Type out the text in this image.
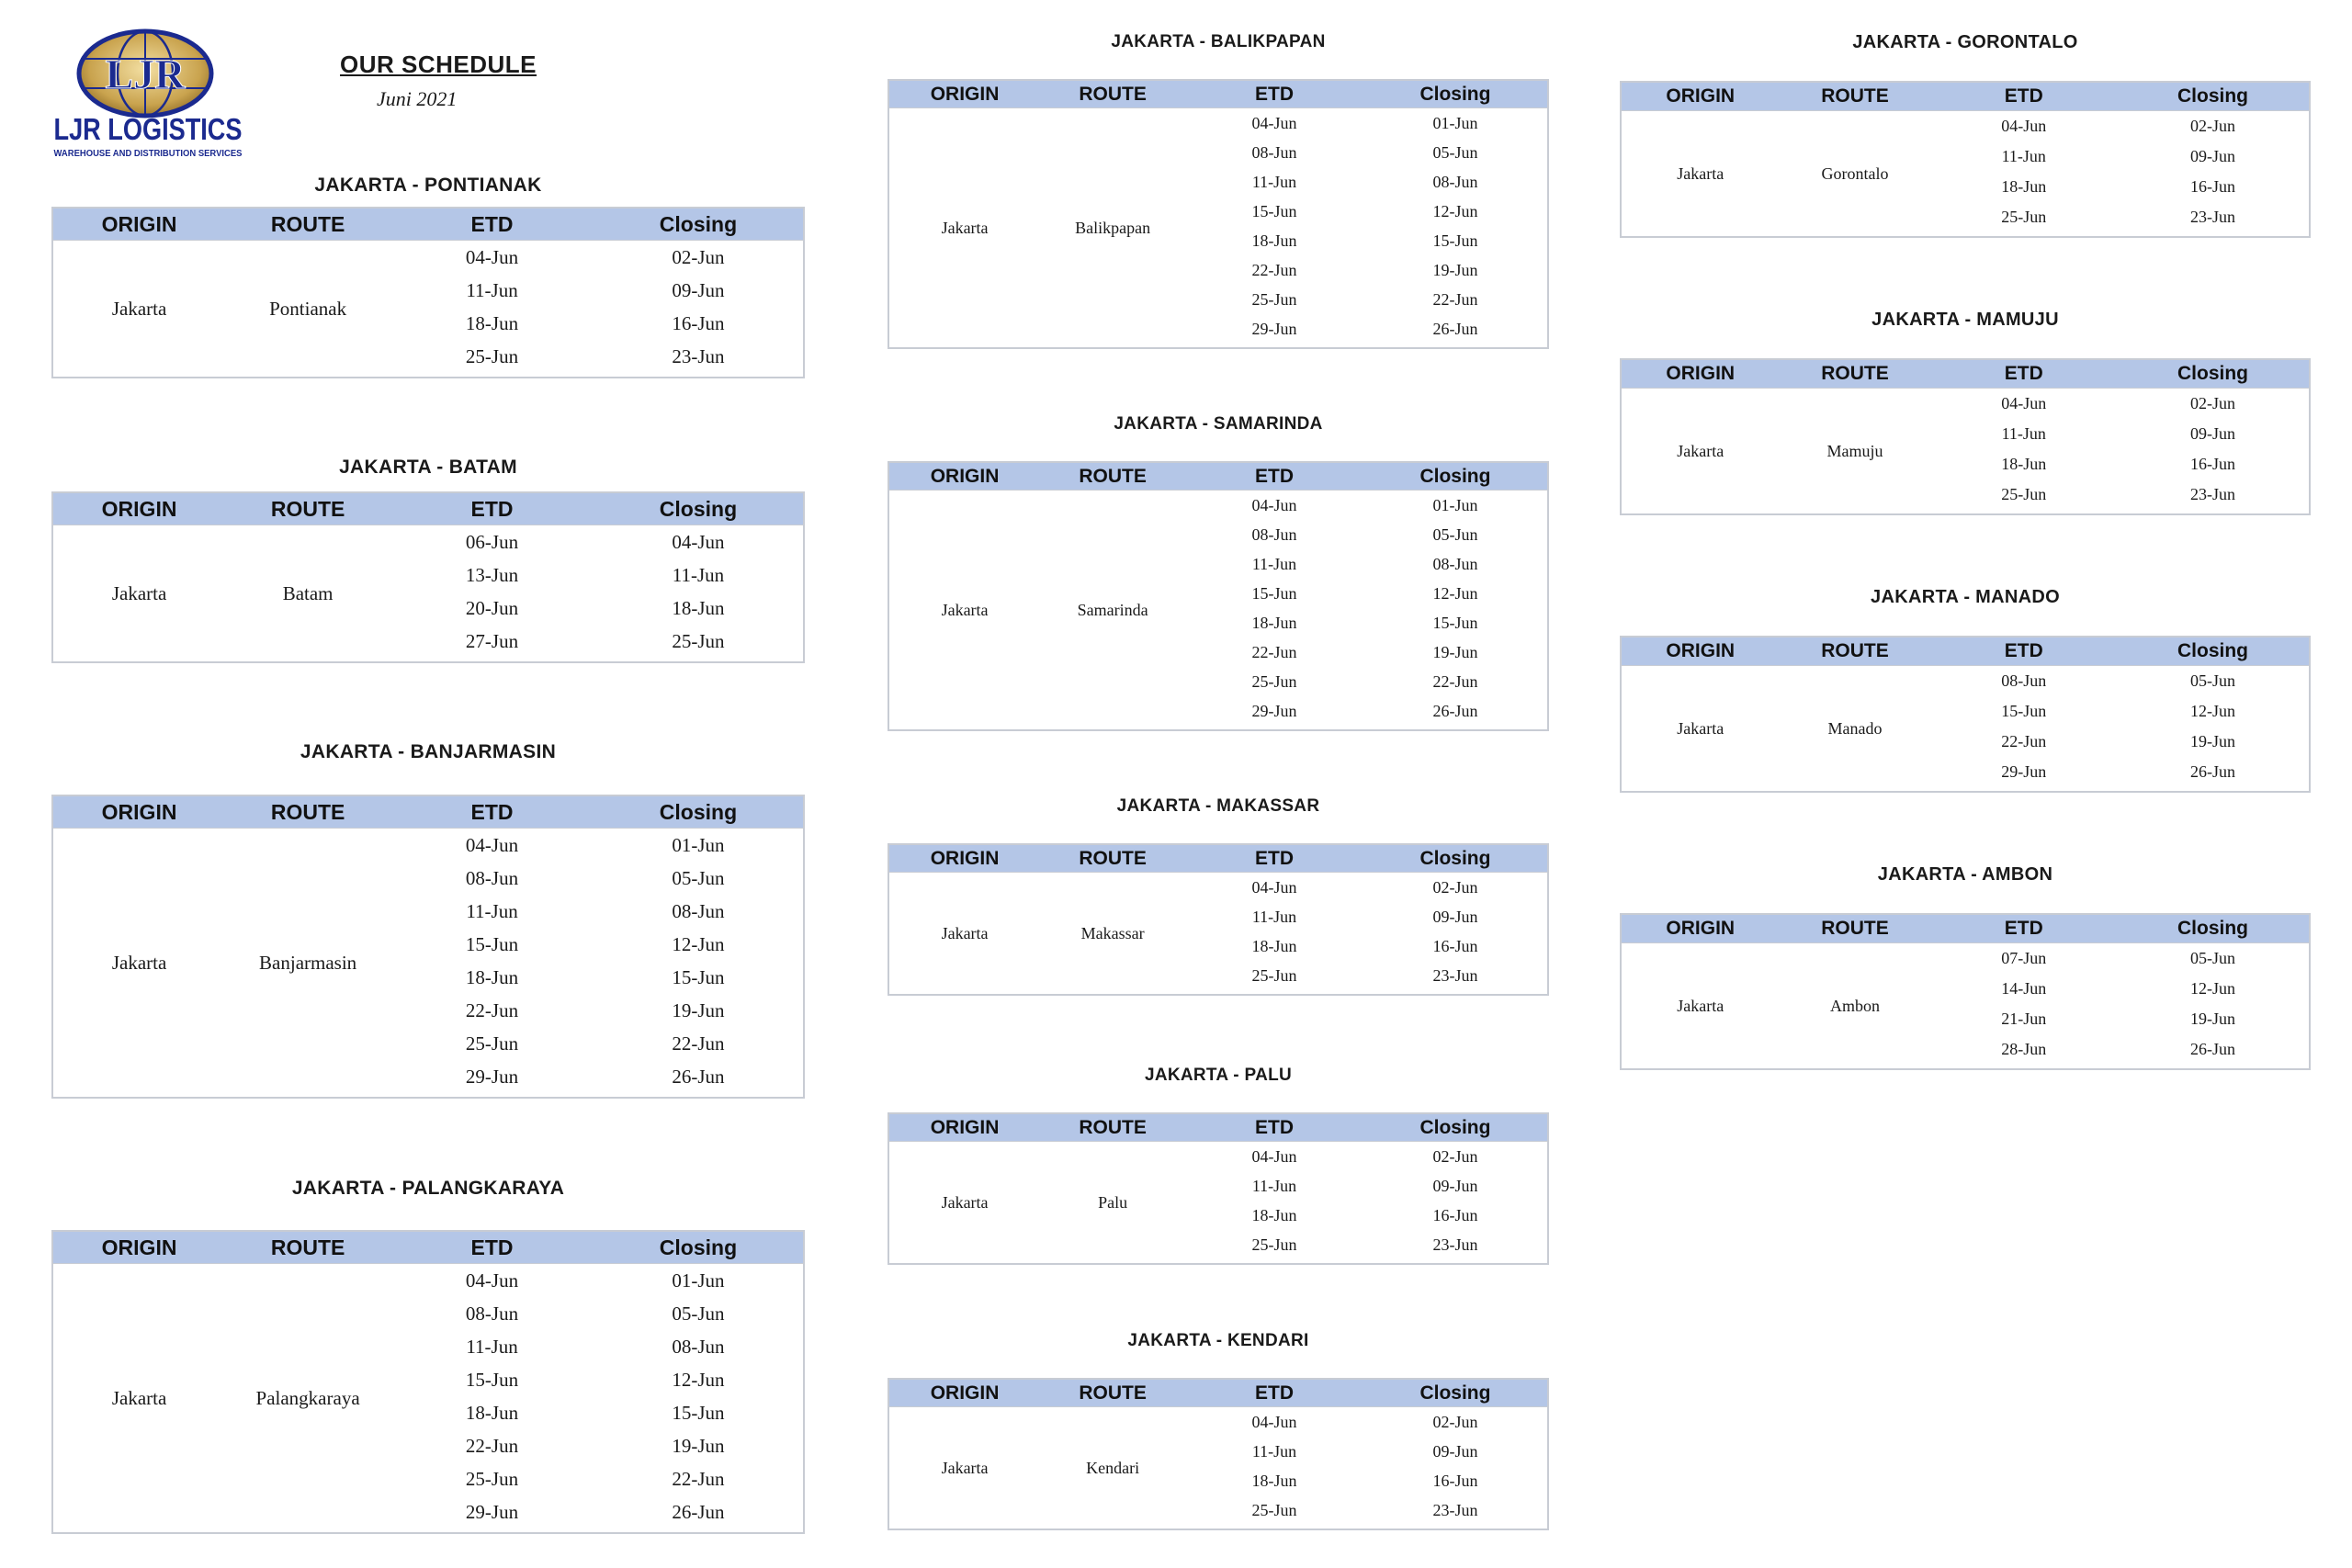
LJR
LJR LOGISTICS
WAREHOUSE AND DISTRIBUTION SERVICES
OUR SCHEDULE
Juni 2021
JAKARTA - PONTIANAK
ORIGIN	ROUTE	ETD	Closing
Jakarta	Pontianak	04-Jun	02-Jun
		11-Jun	09-Jun
		18-Jun	16-Jun
		25-Jun	23-Jun
JAKARTA - BATAM
ORIGIN	ROUTE	ETD	Closing
Jakarta	Batam	06-Jun	04-Jun
		13-Jun	11-Jun
		20-Jun	18-Jun
		27-Jun	25-Jun
JAKARTA - BANJARMASIN
ORIGIN	ROUTE	ETD	Closing
Jakarta	Banjarmasin	04-Jun	01-Jun
		08-Jun	05-Jun
		11-Jun	08-Jun
		15-Jun	12-Jun
		18-Jun	15-Jun
		22-Jun	19-Jun
		25-Jun	22-Jun
		29-Jun	26-Jun
JAKARTA - PALANGKARAYA
ORIGIN	ROUTE	ETD	Closing
Jakarta	Palangkaraya	04-Jun	01-Jun
		08-Jun	05-Jun
		11-Jun	08-Jun
		15-Jun	12-Jun
		18-Jun	15-Jun
		22-Jun	19-Jun
		25-Jun	22-Jun
		29-Jun	26-Jun
JAKARTA - BALIKPAPAN
ORIGIN	ROUTE	ETD	Closing
Jakarta	Balikpapan	04-Jun	01-Jun
		08-Jun	05-Jun
		11-Jun	08-Jun
		15-Jun	12-Jun
		18-Jun	15-Jun
		22-Jun	19-Jun
		25-Jun	22-Jun
		29-Jun	26-Jun
JAKARTA - SAMARINDA
ORIGIN	ROUTE	ETD	Closing
Jakarta	Samarinda	04-Jun	01-Jun
		08-Jun	05-Jun
		11-Jun	08-Jun
		15-Jun	12-Jun
		18-Jun	15-Jun
		22-Jun	19-Jun
		25-Jun	22-Jun
		29-Jun	26-Jun
JAKARTA - MAKASSAR
ORIGIN	ROUTE	ETD	Closing
Jakarta	Makassar	04-Jun	02-Jun
		11-Jun	09-Jun
		18-Jun	16-Jun
		25-Jun	23-Jun
JAKARTA - PALU
ORIGIN	ROUTE	ETD	Closing
Jakarta	Palu	04-Jun	02-Jun
		11-Jun	09-Jun
		18-Jun	16-Jun
		25-Jun	23-Jun
JAKARTA - KENDARI
ORIGIN	ROUTE	ETD	Closing
Jakarta	Kendari	04-Jun	02-Jun
		11-Jun	09-Jun
		18-Jun	16-Jun
		25-Jun	23-Jun
JAKARTA - GORONTALO
ORIGIN	ROUTE	ETD	Closing
Jakarta	Gorontalo	04-Jun	02-Jun
		11-Jun	09-Jun
		18-Jun	16-Jun
		25-Jun	23-Jun
JAKARTA - MAMUJU
ORIGIN	ROUTE	ETD	Closing
Jakarta	Mamuju	04-Jun	02-Jun
		11-Jun	09-Jun
		18-Jun	16-Jun
		25-Jun	23-Jun
JAKARTA - MANADO
ORIGIN	ROUTE	ETD	Closing
Jakarta	Manado	08-Jun	05-Jun
		15-Jun	12-Jun
		22-Jun	19-Jun
		29-Jun	26-Jun
JAKARTA - AMBON
ORIGIN	ROUTE	ETD	Closing
Jakarta	Ambon	07-Jun	05-Jun
		14-Jun	12-Jun
		21-Jun	19-Jun
		28-Jun	26-Jun
